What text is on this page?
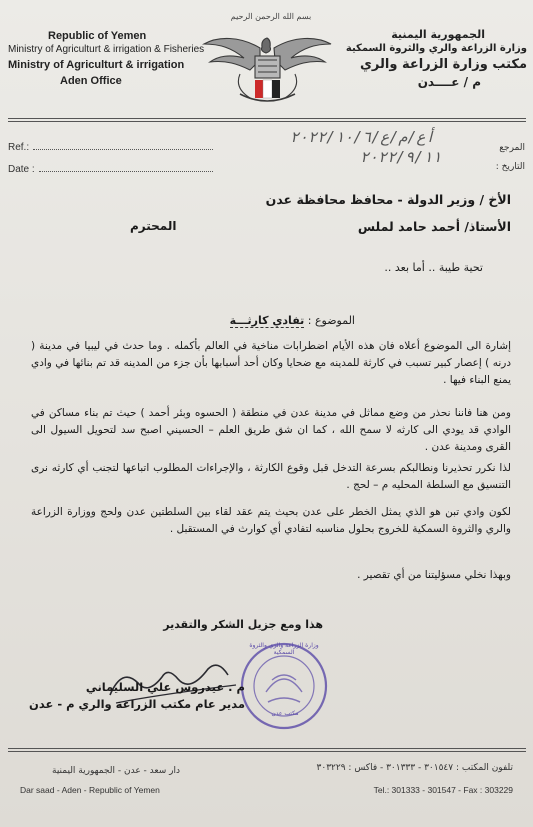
بسم الله الرحمن الرحيم
Republic of Yemen
Ministry of Agriculturt & irrigation & Fisheries
Ministry of Agriculturt & irrigation
Aden Office
الجمهورية اليمنية
وزارة الزراعة والري والثروة السمكية
مكتب وزارة الزراعة والري
م / عــــدن
Ref.:
Date :
المرجع
التاريخ :
أع/م/ع/٢٠٢٢/١٠/٦
٢٠٢٢/٩/١١
الأخ / وزير الدولة - محافظ محافظة عدن
الأستاذ/ أحمد حامد لملس
المحترم
تحية طيبة .. أما بعد ..
الموضوع : تفادي كارثـــة
إشارة الى الموضوع أعلاه فان هذه الأيام اضطرابات مناخية في العالم بأكمله . وما حدث في ليبيا في مدينة ( درنه ) إعصار كبير تسبب في كارثة للمدينه مع ضحايا وكان أحد أسبابها بأن جزء من المدينه قد تم بنائها في وادي يمنع البناء فيها .
ومن هنا فاننا نحذر من وضع مماثل في مدينة عدن في منطقة ( الحسوه وبئر أحمد ) حيث تم بناء مساكن في الوادي قد يودي الى كارثه لا سمح الله ، كما ان شق طريق العلم – الحسيني اصبح سد لتحويل السيول الى القرى ومدينة عدن .
لذا نكرر تحذيرنا ونطالبكم بسرعة التدخل قبل وقوع الكارثة ، والإجراءات المطلوب اتباعها لتجنب أي كارثه نرى التنسيق مع السلطة المحليه م – لحج .
لكون وادي تبن هو الذي يمثل الخطر على عدن بحيث يتم عقد لقاء بين السلطتين عدن ولحج ووزارة الزراعة والري والثروة السمكية للخروج بحلول مناسبه لتفادي أي كوارث في المستقبل .
وبهذا نخلي مسؤليتنا من أي تقصير .
هذا ومع جزيل الشكر والتقدير
وزارة الزراعة والري والثروة السمكية
مكتب عدن
م . عيدروس علي السليماني
مدير عام مكتب الزراعة والري م - عدن
دار سعد - عدن - الجمهورية اليمنية
Dar saad - Aden - Republic of Yemen
تلفون المكتب : ٣٠١٥٤٧ - ٣٠١٣٣٣ - فاكس : ٣٠٣٢٢٩
Tel.: 301333 - 301547 - Fax : 303229
